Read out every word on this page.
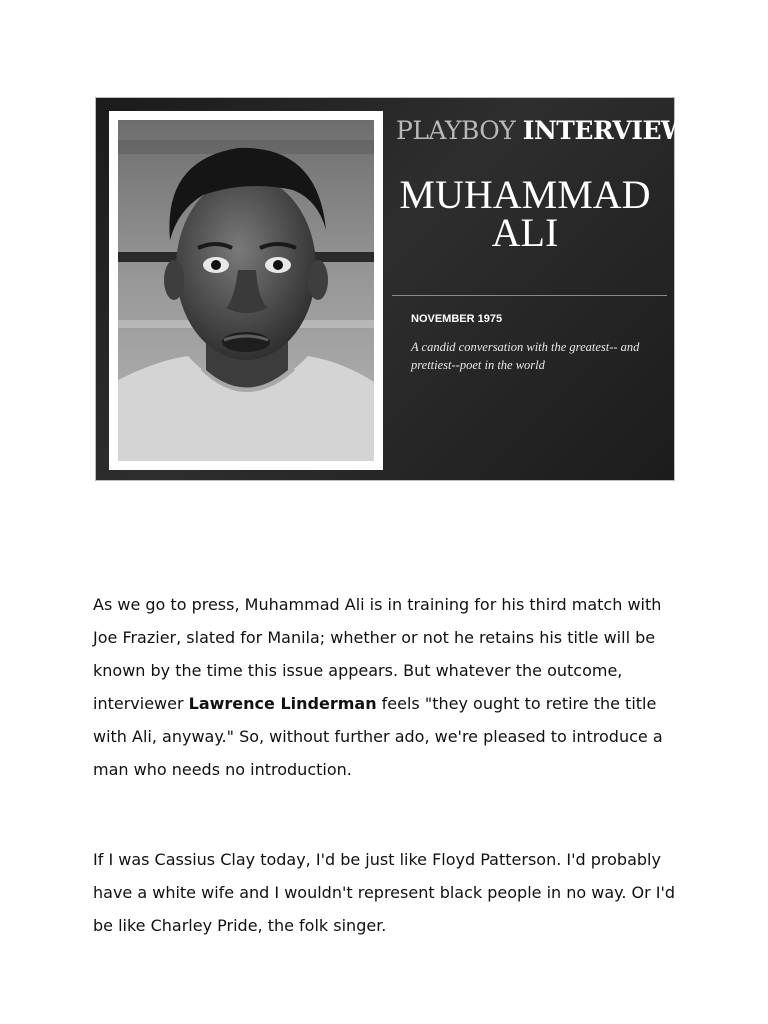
PLAYBOY INTERVIEW:
MUHAMMAD ALI
NOVEMBER 1975
A candid conversation with the greatest-- and prettiest--poet in the world

As we go to press, Muhammad Ali is in training for his third match with Joe Frazier, slated for Manila; whether or not he retains his title will be known by the time this issue appears. But whatever the outcome, interviewer Lawrence Linderman feels "they ought to retire the title with Ali, anyway." So, without further ado, we're pleased to introduce a man who needs no introduction.

If I was Cassius Clay today, I'd be just like Floyd Patterson. I'd probably have a white wife and I wouldn't represent black people in no way. Or I'd be like Charley Pride, the folk singer.
